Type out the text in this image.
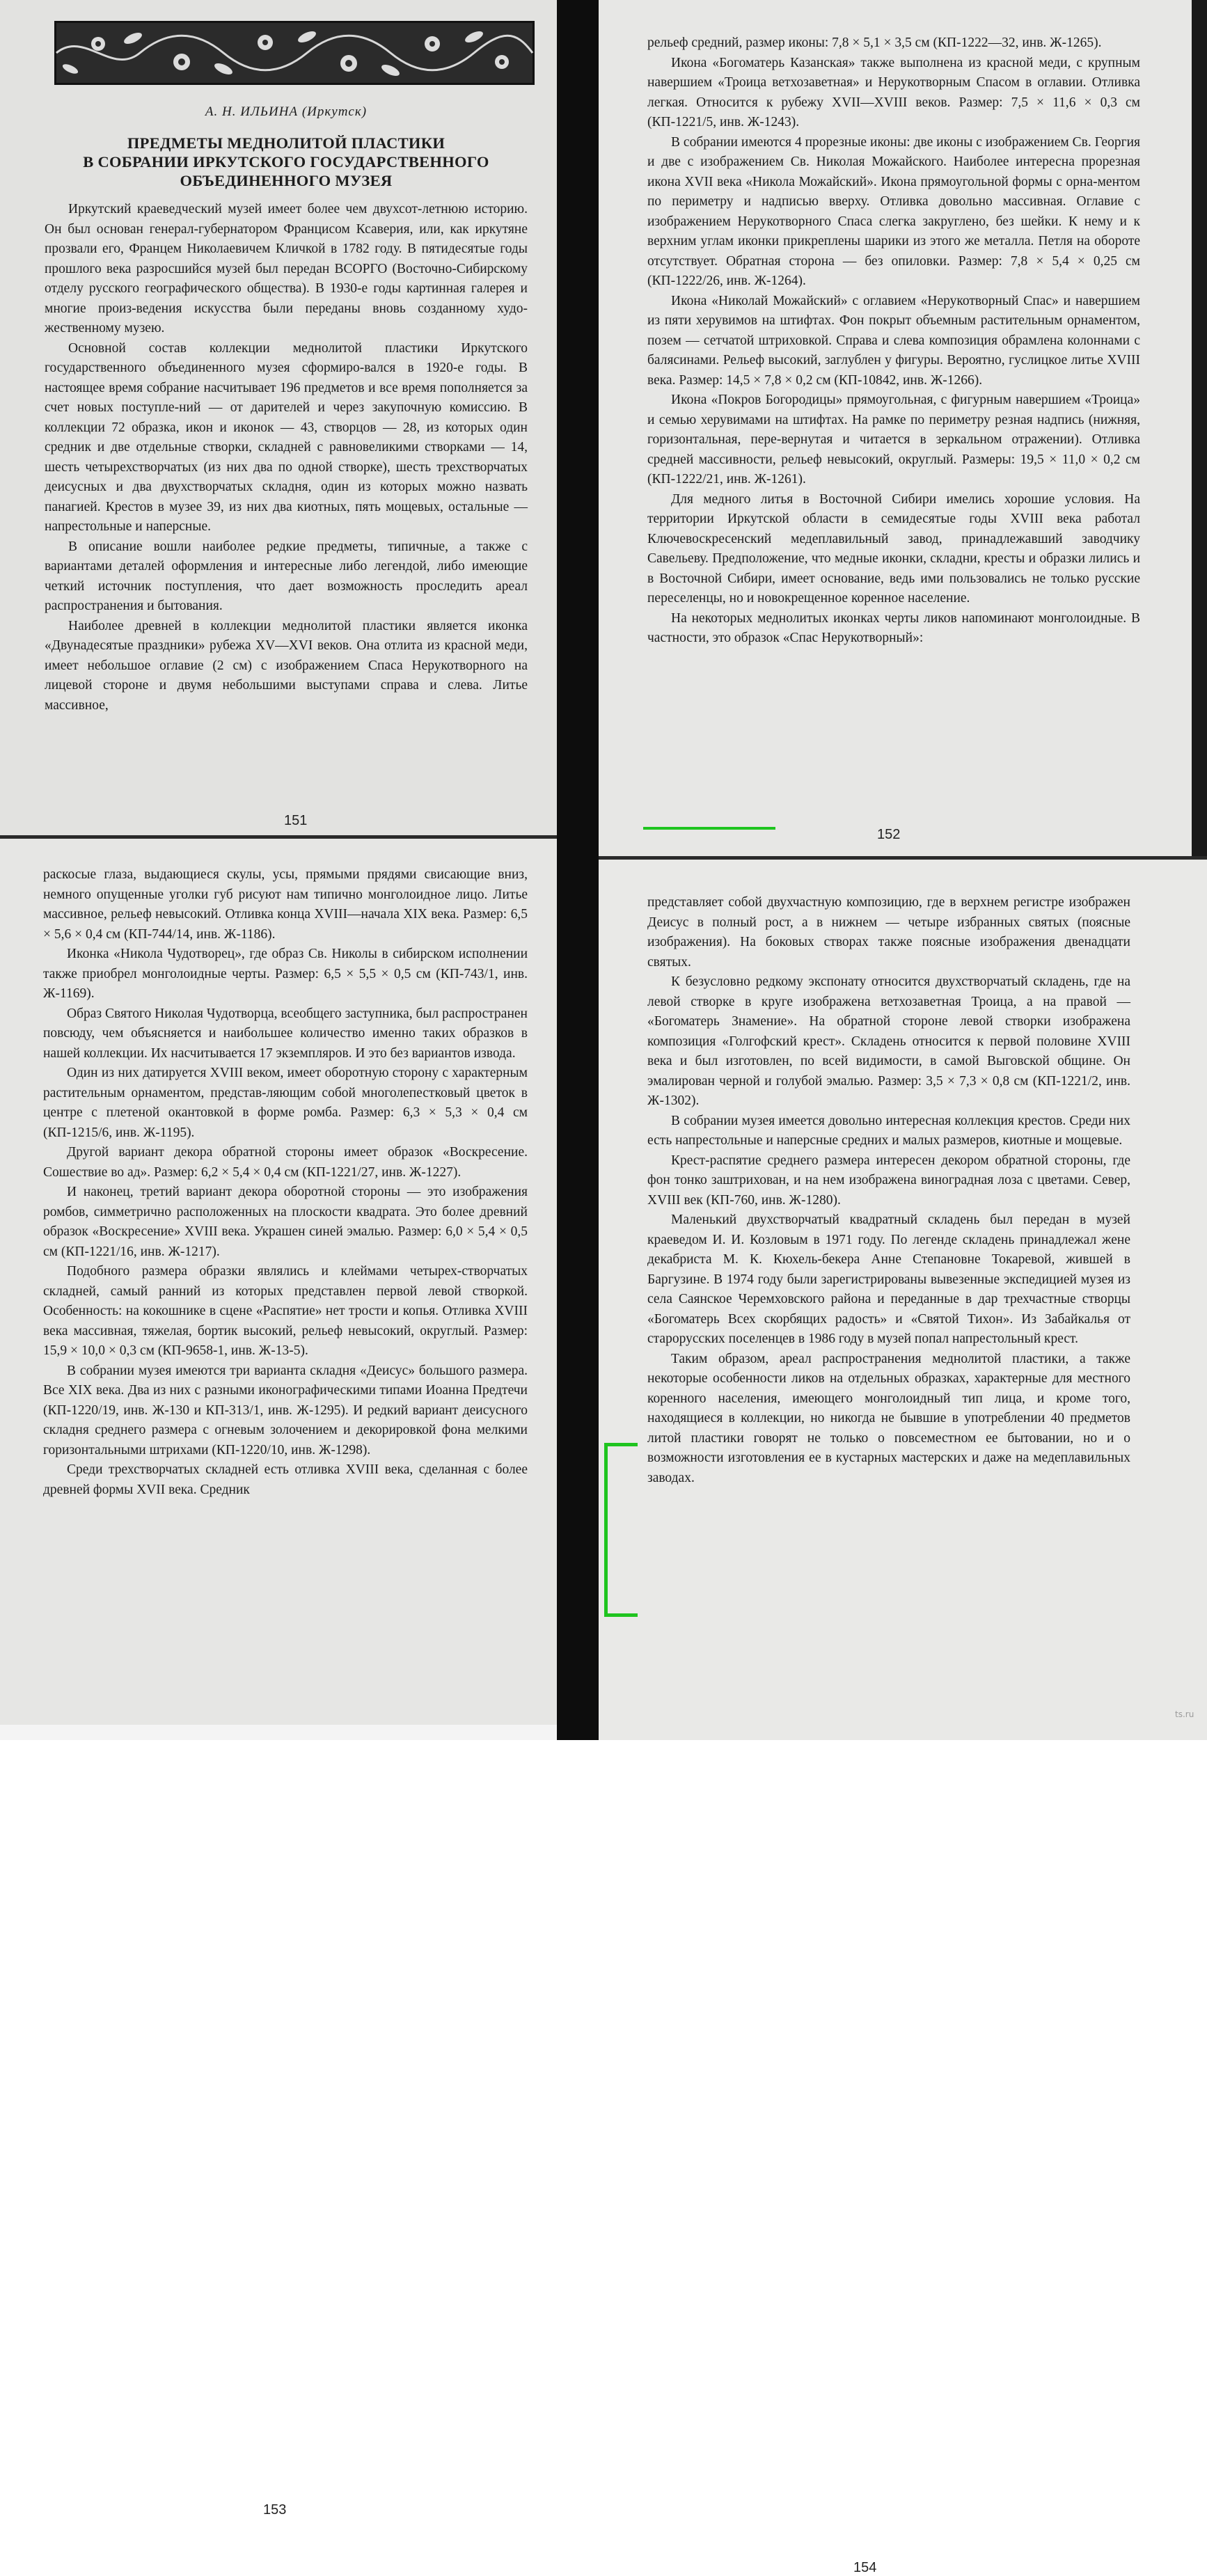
А. Н. ИЛЬИНА (Иркутск)
ПРЕДМЕТЫ МЕДНОЛИТОЙ ПЛАСТИКИ
В СОБРАНИИ ИРКУТСКОГО ГОСУДАРСТВЕННОГО
ОБЪЕДИНЕННОГО МУЗЕЯ

Иркутский краеведческий музей имеет более чем двухсот-летнюю историю. Он был основан генерал-губернатором Францисом Ксаверия, или, как иркутяне прозвали его, Францем Николаевичем Кличкой в 1782 году. В пятидесятые годы прошлого века разросшийся музей был передан ВСОРГО (Восточно-Сибирскому отделу русского географического общества). В 1930-е годы картинная галерея и многие произ-ведения искусства были переданы вновь созданному худо-жественному музею.

Основной состав коллекции меднолитой пластики Иркутского государственного объединенного музея сформиро-вался в 1920-е годы. В настоящее время собрание насчитывает 196 предметов и все время пополняется за счет новых поступле-ний — от дарителей и через закупочную комиссию. В коллекции 72 образка, икон и иконок — 43, створцов — 28, из которых один средник и две отдельные створки, складней с равновеликими створками — 14, шесть четырехстворчатых (из них два по одной створке), шесть трехстворчатых деисусных и два двухстворчатых складня, один из которых можно назвать панагией. Крестов в музее 39, из них два киотных, пять мощевых, остальные — напрестольные и наперсные.

В описание вошли наиболее редкие предметы, типичные, а также с вариантами деталей оформления и интересные либо легендой, либо имеющие четкий источник поступления, что дает возможность проследить ареал распространения и бытования.

Наиболее древней в коллекции меднолитой пластики является иконка «Двунадесятые праздники» рубежа XV—XVI веков. Она отлита из красной меди, имеет небольшое оглавие (2 см) с изображением Спаса Нерукотворного на лицевой стороне и двумя небольшими выступами справа и слева. Литье массивное,

151

рельеф средний, размер иконы: 7,8 × 5,1 × 3,5 см (КП-1222—32, инв. Ж-1265).

Икона «Богоматерь Казанская» также выполнена из красной меди, с крупным навершием «Троица ветхозаветная» и Нерукотворным Спасом в оглавии. Отливка легкая. Относится к рубежу XVII—XVIII веков. Размер: 7,5 × 11,6 × 0,3 см (КП-1221/5, инв. Ж-1243).

В собрании имеются 4 прорезные иконы: две иконы с изображением Св. Георгия и две с изображением Св. Николая Можайского. Наиболее интересна прорезная икона XVII века «Никола Можайский». Икона прямоугольной формы с орна-ментом по периметру и надписью вверху. Отливка довольно массивная. Оглавие с изображением Нерукотворного Спаса слегка закруглено, без шейки. К нему и к верхним углам иконки прикреплены шарики из этого же металла. Петля на обороте отсутствует. Обратная сторона — без опиловки. Размер: 7,8 × 5,4 × 0,25 см (КП-1222/26, инв. Ж-1264).

Икона «Николай Можайский» с оглавием «Нерукотворный Спас» и навершием из пяти херувимов на штифтах. Фон покрыт объемным растительным орнаментом, позем — сетчатой штриховкой. Справа и слева композиция обрамлена колоннами с балясинами. Рельеф высокий, заглублен у фигуры. Вероятно, гуслицкое литье XVIII века. Размер: 14,5 × 7,8 × 0,2 см (КП-10842, инв. Ж-1266).

Икона «Покров Богородицы» прямоугольная, с фигурным навершием «Троица» и семью херувимами на штифтах. На рамке по периметру резная надпись (нижняя, горизонтальная, пере-вернутая и читается в зеркальном отражении). Отливка средней массивности, рельеф невысокий, округлый. Размеры: 19,5 × 11,0 × 0,2 см (КП-1222/21, инв. Ж-1261).

Для медного литья в Восточной Сибири имелись хорошие условия. На территории Иркутской области в семидесятые годы XVIII века работал Ключевоскресенский медеплавильный завод, принадлежавший заводчику Савельеву. Предположение, что медные иконки, складни, кресты и образки лились и в Восточной Сибири, имеет основание, ведь ими пользовались не только русские переселенцы, но и новокрещенное коренное население.

На некоторых меднолитых иконках черты ликов напоминают монголоидные. В частности, это образок «Спас Нерукотворный»:

152

раскосые глаза, выдающиеся скулы, усы, прямыми прядями свисающие вниз, немного опущенные уголки губ рисуют нам типично монголоидное лицо. Литье массивное, рельеф невысокий. Отливка конца XVIII—начала XIX века. Размер: 6,5 × 5,6 × 0,4 см (КП-744/14, инв. Ж-1186).

Иконка «Никола Чудотворец», где образ Св. Николы в сибирском исполнении также приобрел монголоидные черты. Размер: 6,5 × 5,5 × 0,5 см (КП-743/1, инв. Ж-1169).

Образ Святого Николая Чудотворца, всеобщего заступника, был распространен повсюду, чем объясняется и наибольшее количество именно таких образков в нашей коллекции. Их насчитывается 17 экземпляров. И это без вариантов извода.

Один из них датируется XVIII веком, имеет оборотную сторону с характерным растительным орнаментом, представ-ляющим собой многолепестковый цветок в центре с плетеной окантовкой в форме ромба. Размер: 6,3 × 5,3 × 0,4 см (КП-1215/6, инв. Ж-1195).

Другой вариант декора обратной стороны имеет образок «Воскресение. Сошествие во ад». Размер: 6,2 × 5,4 × 0,4 см (КП-1221/27, инв. Ж-1227).

И наконец, третий вариант декора оборотной стороны — это изображения ромбов, симметрично расположенных на плоскости квадрата. Это более древний образок «Воскресение» XVIII века. Украшен синей эмалью. Размер: 6,0 × 5,4 × 0,5 см (КП-1221/16, инв. Ж-1217).

Подобного размера образки являлись и клеймами четырех-створчатых складней, самый ранний из которых представлен первой левой створкой. Особенность: на кокошнике в сцене «Распятие» нет трости и копья. Отливка XVIII века массивная, тяжелая, бортик высокий, рельеф невысокий, округлый. Размер: 15,9 × 10,0 × 0,3 см (КП-9658-1, инв. Ж-13-5).

В собрании музея имеются три варианта складня «Деисус» большого размера. Все XIX века. Два из них с разными иконографическими типами Иоанна Предтечи (КП-1220/19, инв. Ж-130 и КП-313/1, инв. Ж-1295). И редкий вариант деисусного складня среднего размера с огневым золочением и декорировкой фона мелкими горизонтальными штрихами (КП-1220/10, инв. Ж-1298).

Среди трехстворчатых складней есть отливка XVIII века, сделанная с более древней формы XVII века. Средник

153

представляет собой двухчастную композицию, где в верхнем регистре изображен Деисус в полный рост, а в нижнем — четыре избранных святых (поясные изображения). На боковых створах также поясные изображения двенадцати святых.

К безусловно редкому экспонату относится двухстворчатый складень, где на левой створке в круге изображена ветхозаветная Троица, а на правой — «Богоматерь Знамение». На обратной стороне левой створки изображена композиция «Голгофский крест». Складень относится к первой половине XVIII века и был изготовлен, по всей видимости, в самой Выговской общине. Он эмалирован черной и голубой эмалью. Размер: 3,5 × 7,3 × 0,8 см (КП-1221/2, инв. Ж-1302).

В собрании музея имеется довольно интересная коллекция крестов. Среди них есть напрестольные и наперсные средних и малых размеров, киотные и мощевые.

Крест-распятие среднего размера интересен декором обратной стороны, где фон тонко заштрихован, и на нем изображена виноградная лоза с цветами. Север, XVIII век (КП-760, инв. Ж-1280).

Маленький двухстворчатый квадратный складень был передан в музей краеведом И. И. Козловым в 1971 году. По легенде складень принадлежал жене декабриста М. К. Кюхель-бекера Анне Степановне Токаревой, жившей в Баргузине. В 1974 году были зарегистрированы вывезенные экспедицией музея из села Саянское Черемховского района и переданные в дар трехчастные створцы «Богоматерь Всех скорбящих радость» и «Святой Тихон». Из Забайкалья от старорусских поселенцев в 1986 году в музей попал напрестольный крест.

Таким образом, ареал распространения меднолитой пластики, а также некоторые особенности ликов на отдельных образках, характерные для местного коренного населения, имеющего монголоидный тип лица, и кроме того, находящиеся в коллекции, но никогда не бывшие в употреблении 40 предметов литой пластики говорят не только о повсеместном ее бытовании, но и о возможности изготовления ее в кустарных мастерских и даже на медеплавильных заводах.

154
ts.ru
